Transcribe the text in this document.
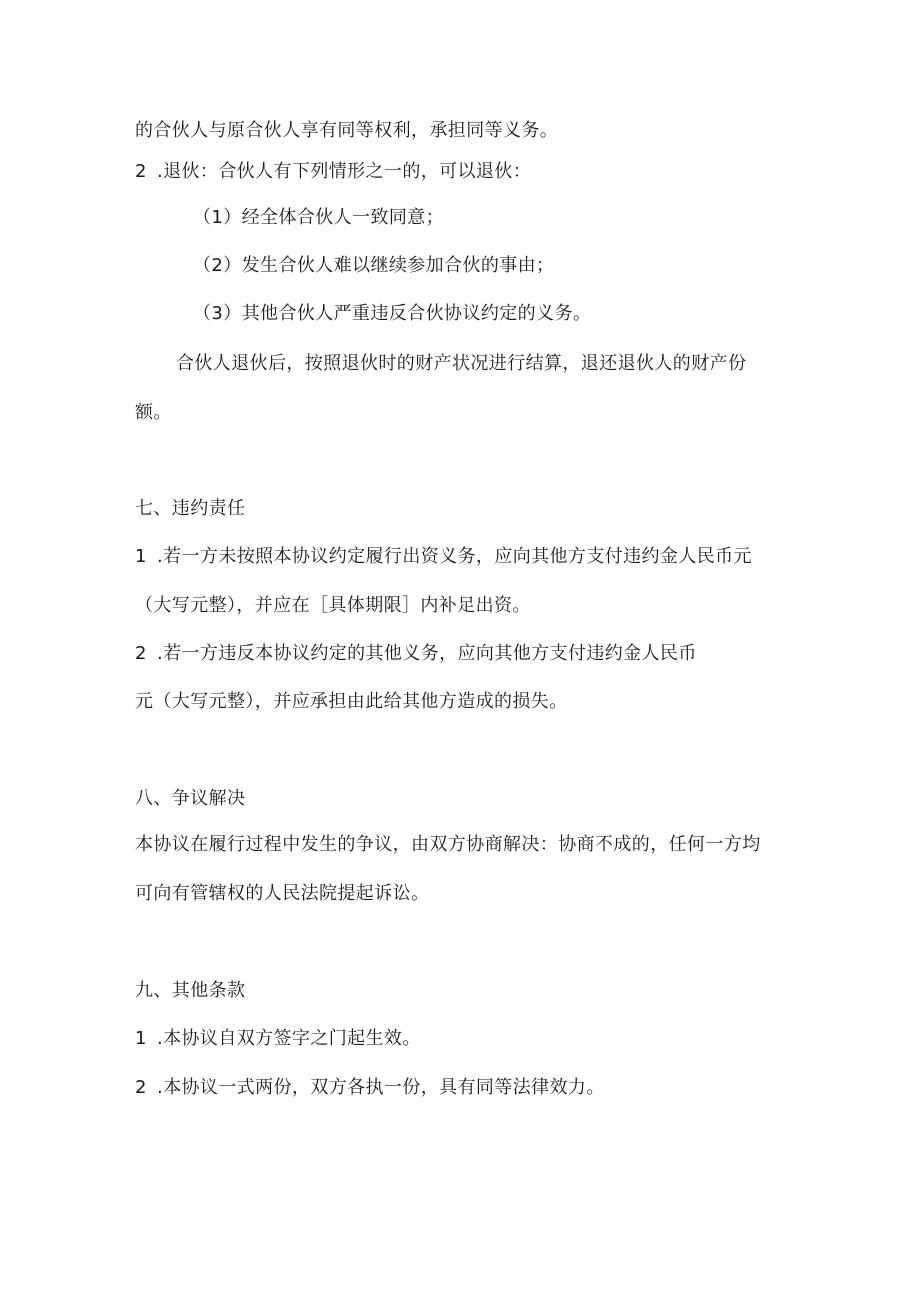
的合伙人与原合伙人享有同等权利，承担同等义务。
2 .退伙：合伙人有下列情形之一的，可以退伙：
（1）经全体合伙人一致同意；
（2）发生合伙人难以继续参加合伙的事由；
（3）其他合伙人严重违反合伙协议约定的义务。
合伙人退伙后，按照退伙时的财产状况进行结算，退还退伙人的财产份
额。
七、违约责任
1 .若一方未按照本协议约定履行出资义务，应向其他方支付违约金人民币元
（大写元整），并应在［具体期限］内补足出资。
2 .若一方违反本协议约定的其他义务，应向其他方支付违约金人民币
元（大写元整），并应承担由此给其他方造成的损失。
八、争议解决
本协议在履行过程中发生的争议，由双方协商解决：协商不成的，任何一方均
可向有管辖权的人民法院提起诉讼。
九、其他条款
1 .本协议自双方签字之门起生效。
2 .本协议一式两份，双方各执一份，具有同等法律效力。
